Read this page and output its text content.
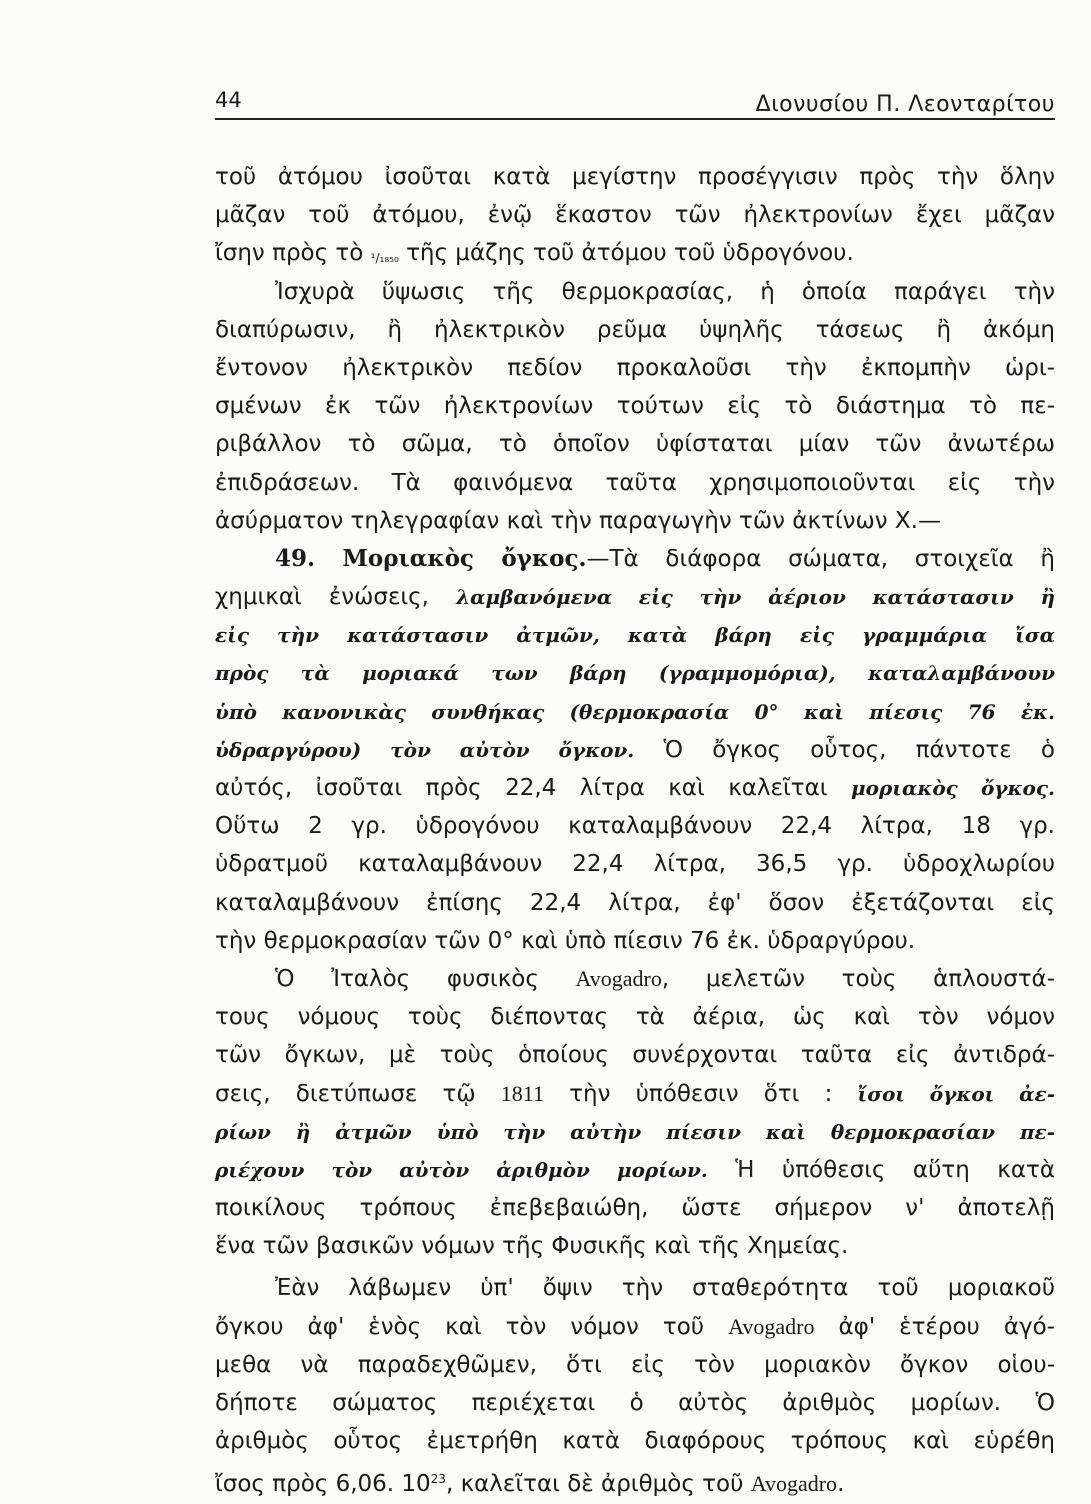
44	Διονυσίου Π. Λεονταρίτου
τοῦ ἀτόμου ἰσοῦται κατὰ μεγίστην προσέγγισιν πρὸς τὴν ὅλην
μᾶζαν τοῦ ἀτόμου, ἐνῷ ἕκαστον τῶν ἠλεκτρονίων ἔχει μᾶζαν
ἴσην πρὸς τὸ ¹/₁₈₅₀ τῆς μάζης τοῦ ἀτόμου τοῦ ὑδρογόνου.
Ἰσχυρὰ ὕψωσις τῆς θερμοκρασίας, ἡ ὁποία παράγει τὴν
διαπύρωσιν, ἢ ἠλεκτρικὸν ρεῦμα ὑψηλῆς τάσεως ἢ ἀκόμη
ἔντονον ἠλεκτρικὸν πεδίον προκαλοῦσι τὴν ἐκπομπὴν ὡρι-
σμένων ἐκ τῶν ἠλεκτρονίων τούτων εἰς τὸ διάστημα τὸ πε-
ριβάλλον τὸ σῶμα, τὸ ὁποῖον ὑφίσταται μίαν τῶν ἀνωτέρω
ἐπιδράσεων. Τὰ φαινόμενα ταῦτα χρησιμοποιοῦνται εἰς τὴν
ἀσύρματον τηλεγραφίαν καὶ τὴν παραγωγὴν τῶν ἀκτίνων Χ.—
49. Μοριακὸς ὄγκος.—Τὰ διάφορα σώματα, στοιχεῖα ἢ
χημικαὶ ἐνώσεις, λαμβανόμενα εἰς τὴν ἀέριον κατάστασιν ἢ
εἰς τὴν κατάστασιν ἀτμῶν, κατὰ βάρη εἰς γραμμάρια ἴσα
πρὸς τὰ μοριακά των βάρη (γραμμομόρια), καταλαμβάνουν
ὑπὸ κανονικὰς συνθήκας (θερμοκρασία 0° καὶ πίεσις 76 ἐκ.
ὑδραργύρου) τὸν αὐτὸν ὄγκον. Ὁ ὄγκος οὗτος, πάντοτε ὁ
αὐτός, ἰσοῦται πρὸς 22,4 λίτρα καὶ καλεῖται μοριακὸς ὄγκος.
Οὕτω 2 γρ. ὑδρογόνου καταλαμβάνουν 22,4 λίτρα, 18 γρ.
ὑδρατμοῦ καταλαμβάνουν 22,4 λίτρα, 36,5 γρ. ὑδροχλωρίου
καταλαμβάνουν ἐπίσης 22,4 λίτρα, ἐφ' ὅσον ἐξετάζονται εἰς
τὴν θερμοκρασίαν τῶν 0° καὶ ὑπὸ πίεσιν 76 ἐκ. ὑδραργύρου.
Ὁ Ἰταλὸς φυσικὸς Avogadro, μελετῶν τοὺς ἁπλουστά-
τους νόμους τοὺς διέποντας τὰ ἀέρια, ὡς καὶ τὸν νόμον
τῶν ὄγκων, μὲ τοὺς ὁποίους συνέρχονται ταῦτα εἰς ἀντιδρά-
σεις, διετύπωσε τῷ 1811 τὴν ὑπόθεσιν ὅτι : ἴσοι ὄγκοι ἀε-
ρίων ἢ ἀτμῶν ὑπὸ τὴν αὐτὴν πίεσιν καὶ θερμοκρασίαν πε-
ριέχουν τὸν αὐτὸν ἀριθμὸν μορίων. Ἡ ὑπόθεσις αὕτη κατὰ
ποικίλους τρόπους ἐπεβεβαιώθη, ὥστε σήμερον ν' ἀποτελῇ
ἕνα τῶν βασικῶν νόμων τῆς Φυσικῆς καὶ τῆς Χημείας.
Ἐὰν λάβωμεν ὑπ' ὄψιν τὴν σταθερότητα τοῦ μοριακοῦ
ὄγκου ἀφ' ἑνὸς καὶ τὸν νόμον τοῦ Avogadro ἀφ' ἑτέρου ἀγό-
μεθα νὰ παραδεχθῶμεν, ὅτι εἰς τὸν μοριακὸν ὄγκον οἱου-
δήποτε σώματος περιέχεται ὁ αὐτὸς ἀριθμὸς μορίων. Ὁ
ἀριθμὸς οὗτος ἐμετρήθη κατὰ διαφόρους τρόπους καὶ εὑρέθη
ἴσος πρὸς 6,06. $10^{23}$, καλεῖται δὲ ἀριθμὸς τοῦ Avogadro.
